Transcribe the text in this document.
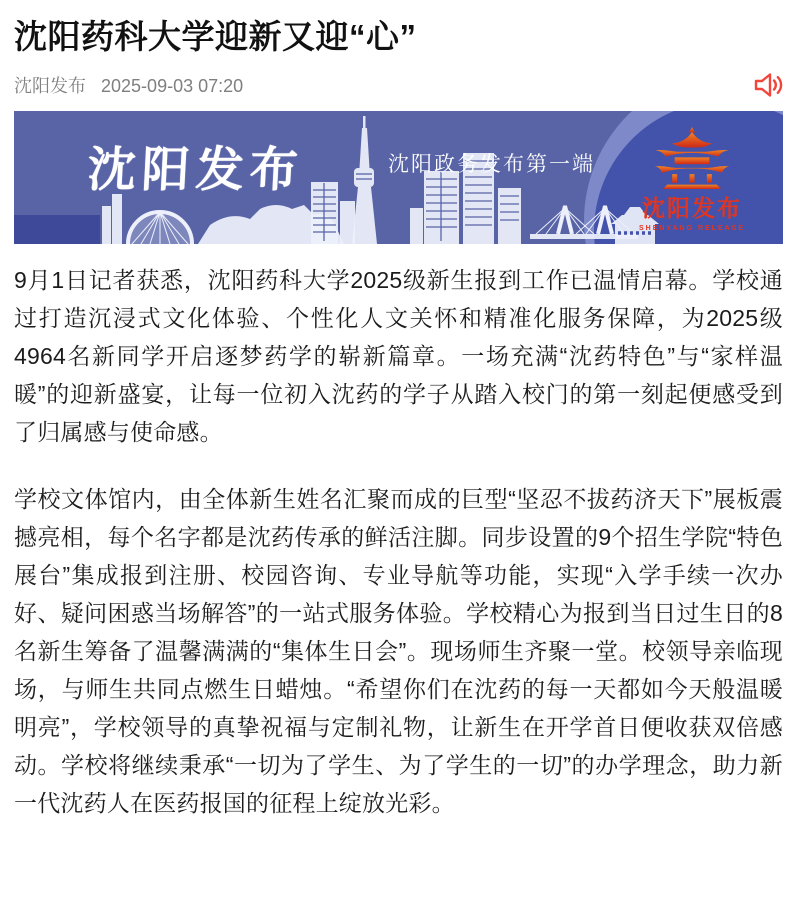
沈阳药科大学迎新又迎“心”
沈阳发布 2025-09-03 07:20
沈阳发布	沈阳政务发布第一端
沈阳发布
SHENYANG RELEASE

9月1日记者获悉，沈阳药科大学2025级新生报到工作已温情启幕。学校通过打造沉浸式文化体验、个性化人文关怀和精准化服务保障，为2025级4964名新同学开启逐梦药学的崭新篇章。一场充满“沈药特色”与“家样温暖”的迎新盛宴，让每一位初入沈药的学子从踏入校门的第一刻起便感受到了归属感与使命感。

学校文体馆内，由全体新生姓名汇聚而成的巨型“坚忍不拔药济天下”展板震撼亮相，每个名字都是沈药传承的鲜活注脚。同步设置的9个招生学院“特色展台”集成报到注册、校园咨询、专业导航等功能，实现“入学手续一次办好、疑问困惑当场解答”的一站式服务体验。学校精心为报到当日过生日的8名新生筹备了温馨满满的“集体生日会”。现场师生齐聚一堂。校领导亲临现场，与师生共同点燃生日蜡烛。“希望你们在沈药的每一天都如今天般温暖明亮”，学校领导的真挚祝福与定制礼物，让新生在开学首日便收获双倍感动。学校将继续秉承“一切为了学生、为了学生的一切”的办学理念，助力新一代沈药人在医药报国的征程上绽放光彩。
